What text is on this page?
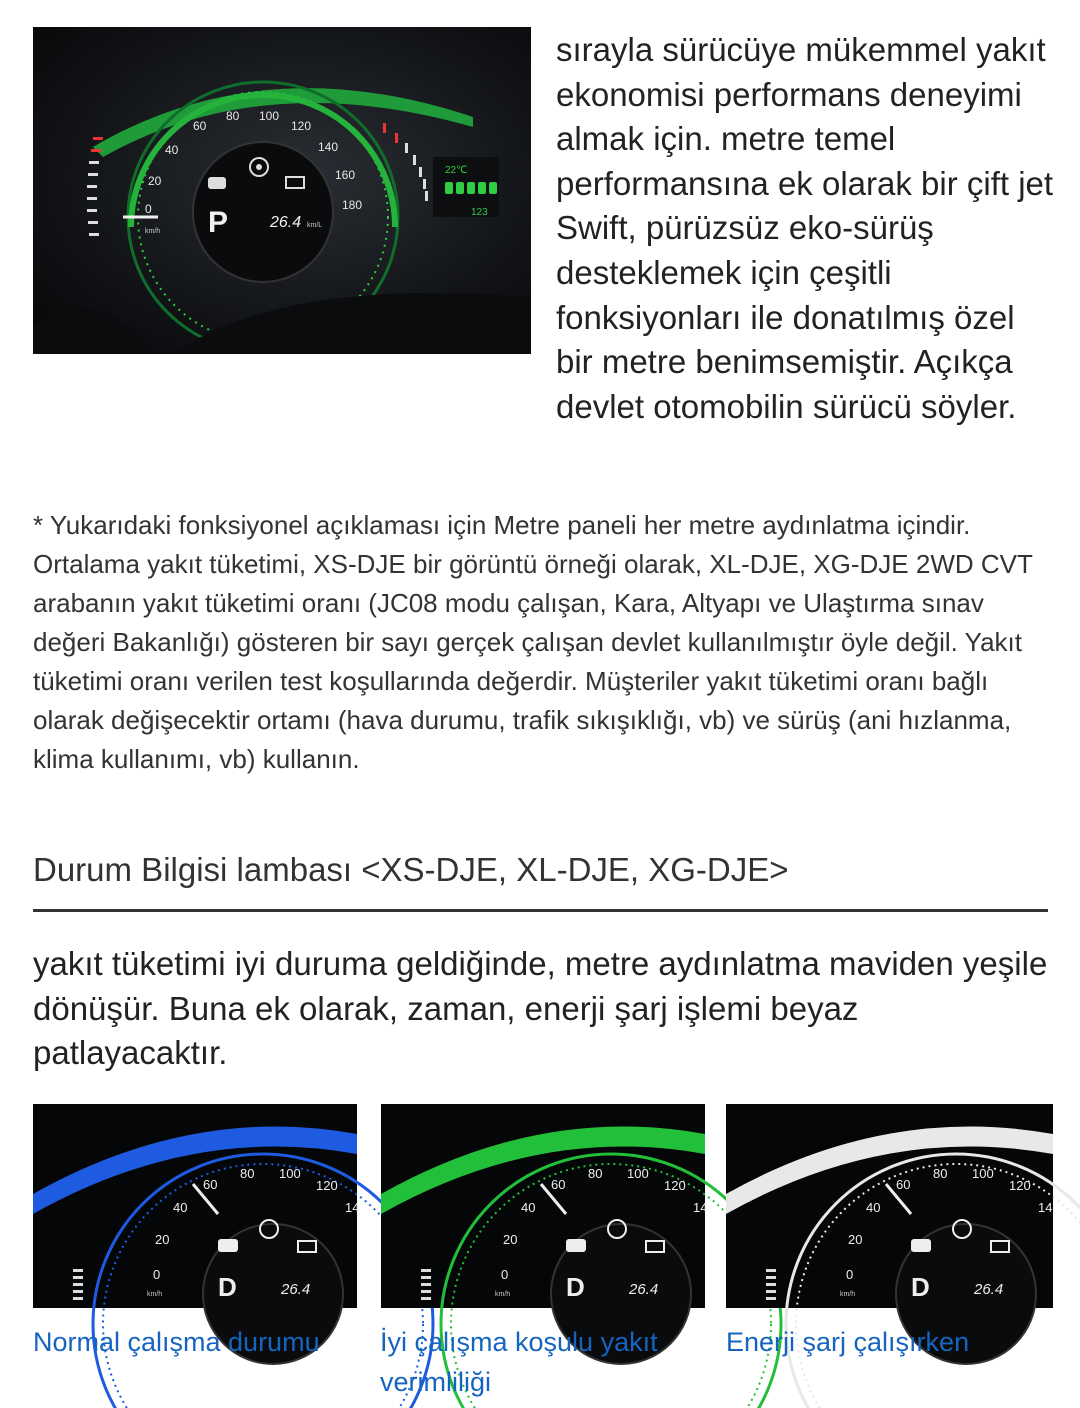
20
40
60
80 100
120
140
160
180
0
km/h P	26.4 km/L
22℃
123
sırayla sürücüye mükemmel yakıt ekonomisi performans deneyimi almak için. metre temel performansına ek olarak bir çift jet Swift, pürüzsüz eko-sürüş desteklemek için çeşitli fonksiyonları ile donatılmış özel bir metre benimsemiştir. Açıkça devlet otomobilin sürücü söyler.
* Yukarıdaki fonksiyonel açıklaması için Metre paneli her metre aydınlatma içindir. Ortalama yakıt tüketimi, XS-DJE bir görüntü örneği olarak, XL-DJE, XG-DJE 2WD CVT arabanın yakıt tüketimi oranı (JC08 modu çalışan, Kara, Altyapı ve Ulaştırma sınav değeri Bakanlığı) gösteren bir sayı gerçek çalışan devlet kullanılmıştır öyle değil. Yakıt tüketimi oranı verilen test koşullarında değerdir. Müşteriler yakıt tüketimi oranı bağlı olarak değişecektir ortamı (hava durumu, trafik sıkışıklığı, vb) ve sürüş (ani hızlanma, klima kullanımı, vb) kullanın.
Durum Bilgisi lambası <XS-DJE, XL-DJE, XG-DJE>
yakıt tüketimi iyi duruma geldiğinde, metre aydınlatma maviden yeşile dönüşür. Buna ek olarak, zaman, enerji şarj işlemi beyaz patlayacaktır.
0
20
40
60
80 100
120
14
km/h D	26.4
0
20
40
60
80 100
120
14
km/h D	26.4
0
20
40
60
80 100
120
14
km/h D	26.4
Normal çalışma durumu	İyi çalışma koşulu yakıt verimliliği
Enerji şarj çalışırken
